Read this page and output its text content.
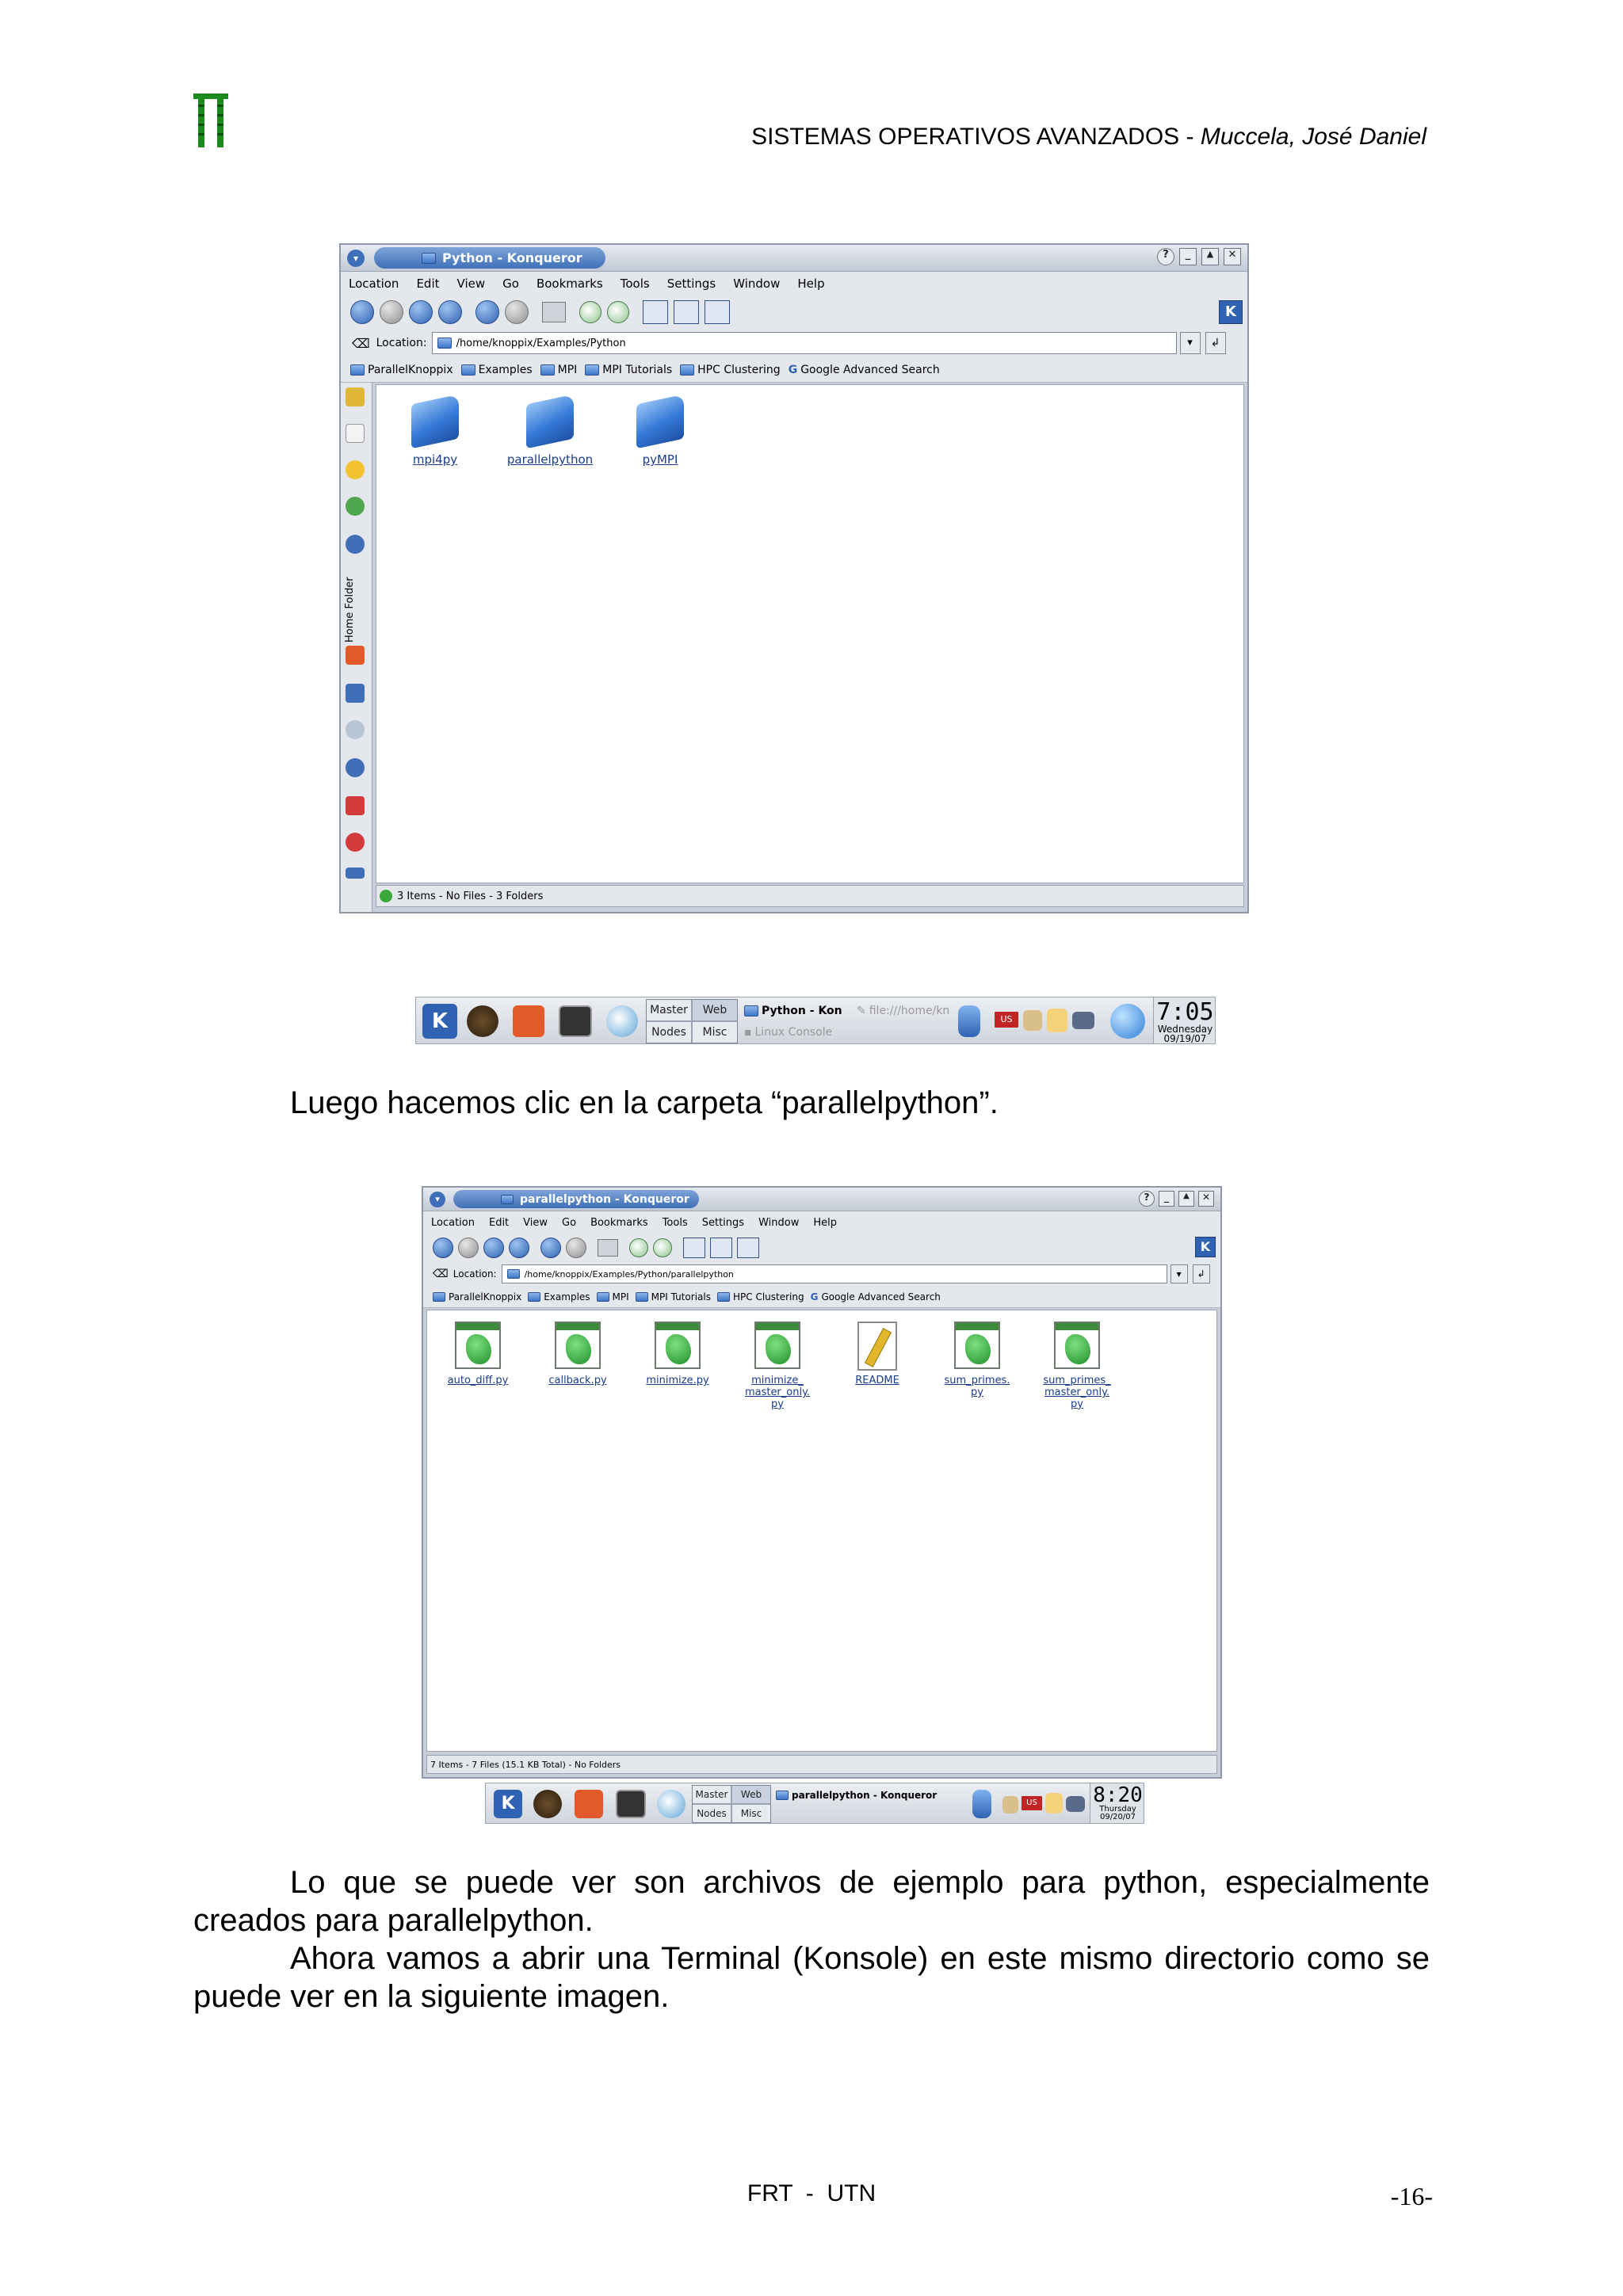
SISTEMAS OPERATIVOS AVANZADOS - Muccela, José Daniel
▾	Python - Konqueror	?	_	▲	✕
Location Edit View Go Bookmarks Tools Settings Window Help
K
⌫ Location:	/home/knoppix/Examples/Python	▾	↲
ParallelKnoppix Examples MPI MPI Tutorials HPC Clustering G Google Advanced Search
Home Folder
mpi4py	parallelpython	pyMPI
3 Items - No Files - 3 Folders
K	Master	Web
Nodes	Misc
Python - Kon ✎ file:///home/kn
▪ Linux Console
US	7:05
Wednesday
09/19/07
Luego hacemos clic en la carpeta “parallelpython”.
▾	parallelpython - Konqueror	?	_	▲	✕
Location Edit View Go Bookmarks Tools Settings Window Help
K
⌫ Location:	/home/knoppix/Examples/Python/parallelpython	▾	↲
ParallelKnoppix Examples MPI MPI Tutorials HPC Clustering G Google Advanced Search
auto_diff.py	callback.py	minimize.py	minimize_
master_only.
py
README	sum_primes.
py
sum_primes_
master_only.
py
7 Items - 7 Files (15.1 KB Total) - No Folders
K	Master	Web
Nodes	Misc
parallelpython - Konqueror
US	8:20
Thursday
09/20/07
Lo que se puede ver son archivos de ejemplo para python, especialmente creados para parallelpython.
Ahora vamos a abrir una Terminal (Konsole) en este mismo directorio como se puede ver en la siguiente imagen.
FRT  -  UTN	-16-
